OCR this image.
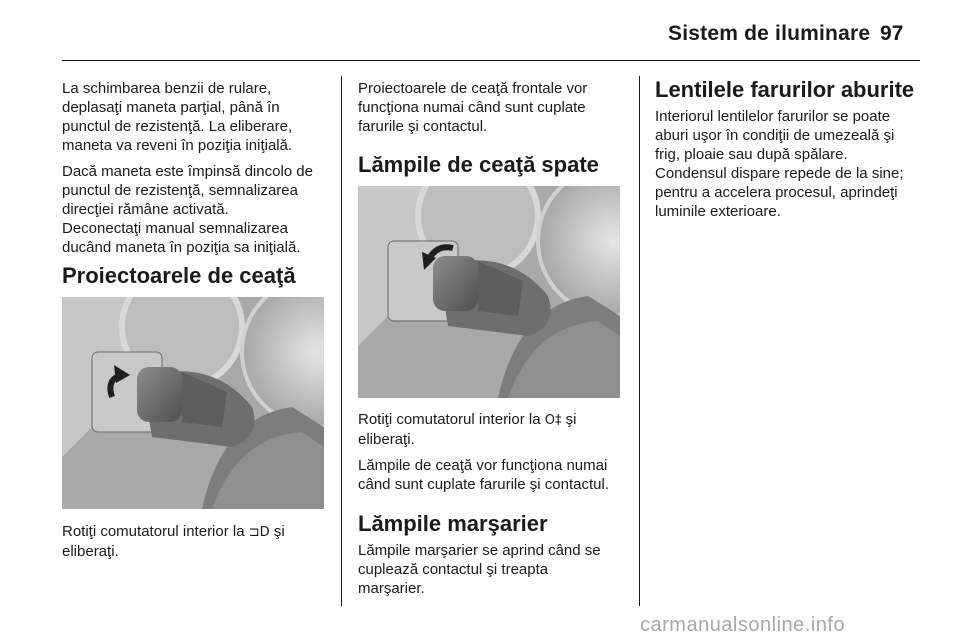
Sistem de iluminare 97

La schimbarea benzii de rulare,
deplasaţi maneta parţial, până în
punctul de rezistenţă. La eliberare,
maneta va reveni în poziţia iniţială.

Dacă maneta este împinsă dincolo de
punctul de rezistenţă, semnalizarea
direcţiei rămâne activată.
Deconectaţi manual semnalizarea
ducând maneta în poziţia sa iniţială.

Proiectoarele de ceaţă

Rotiţi comutatorul interior la ⊐D şi
eliberaţi.

Proiectoarele de ceaţă frontale vor
funcţiona numai când sunt cuplate
farurile şi contactul.

Lămpile de ceaţă spate

Rotiţi comutatorul interior la O‡ şi
eliberaţi.

Lămpile de ceaţă vor funcţiona numai
când sunt cuplate farurile şi contactul.

Lămpile marşarier

Lămpile marşarier se aprind când se
cuplează contactul şi treapta
marşarier.

Lentilele farurilor aburite

Interiorul lentilelor farurilor se poate
aburi uşor în condiţii de umezeală şi
frig, ploaie sau după spălare.
Condensul dispare repede de la sine;
pentru a accelera procesul, aprindeţi
luminile exterioare.

carmanualsonline.info
